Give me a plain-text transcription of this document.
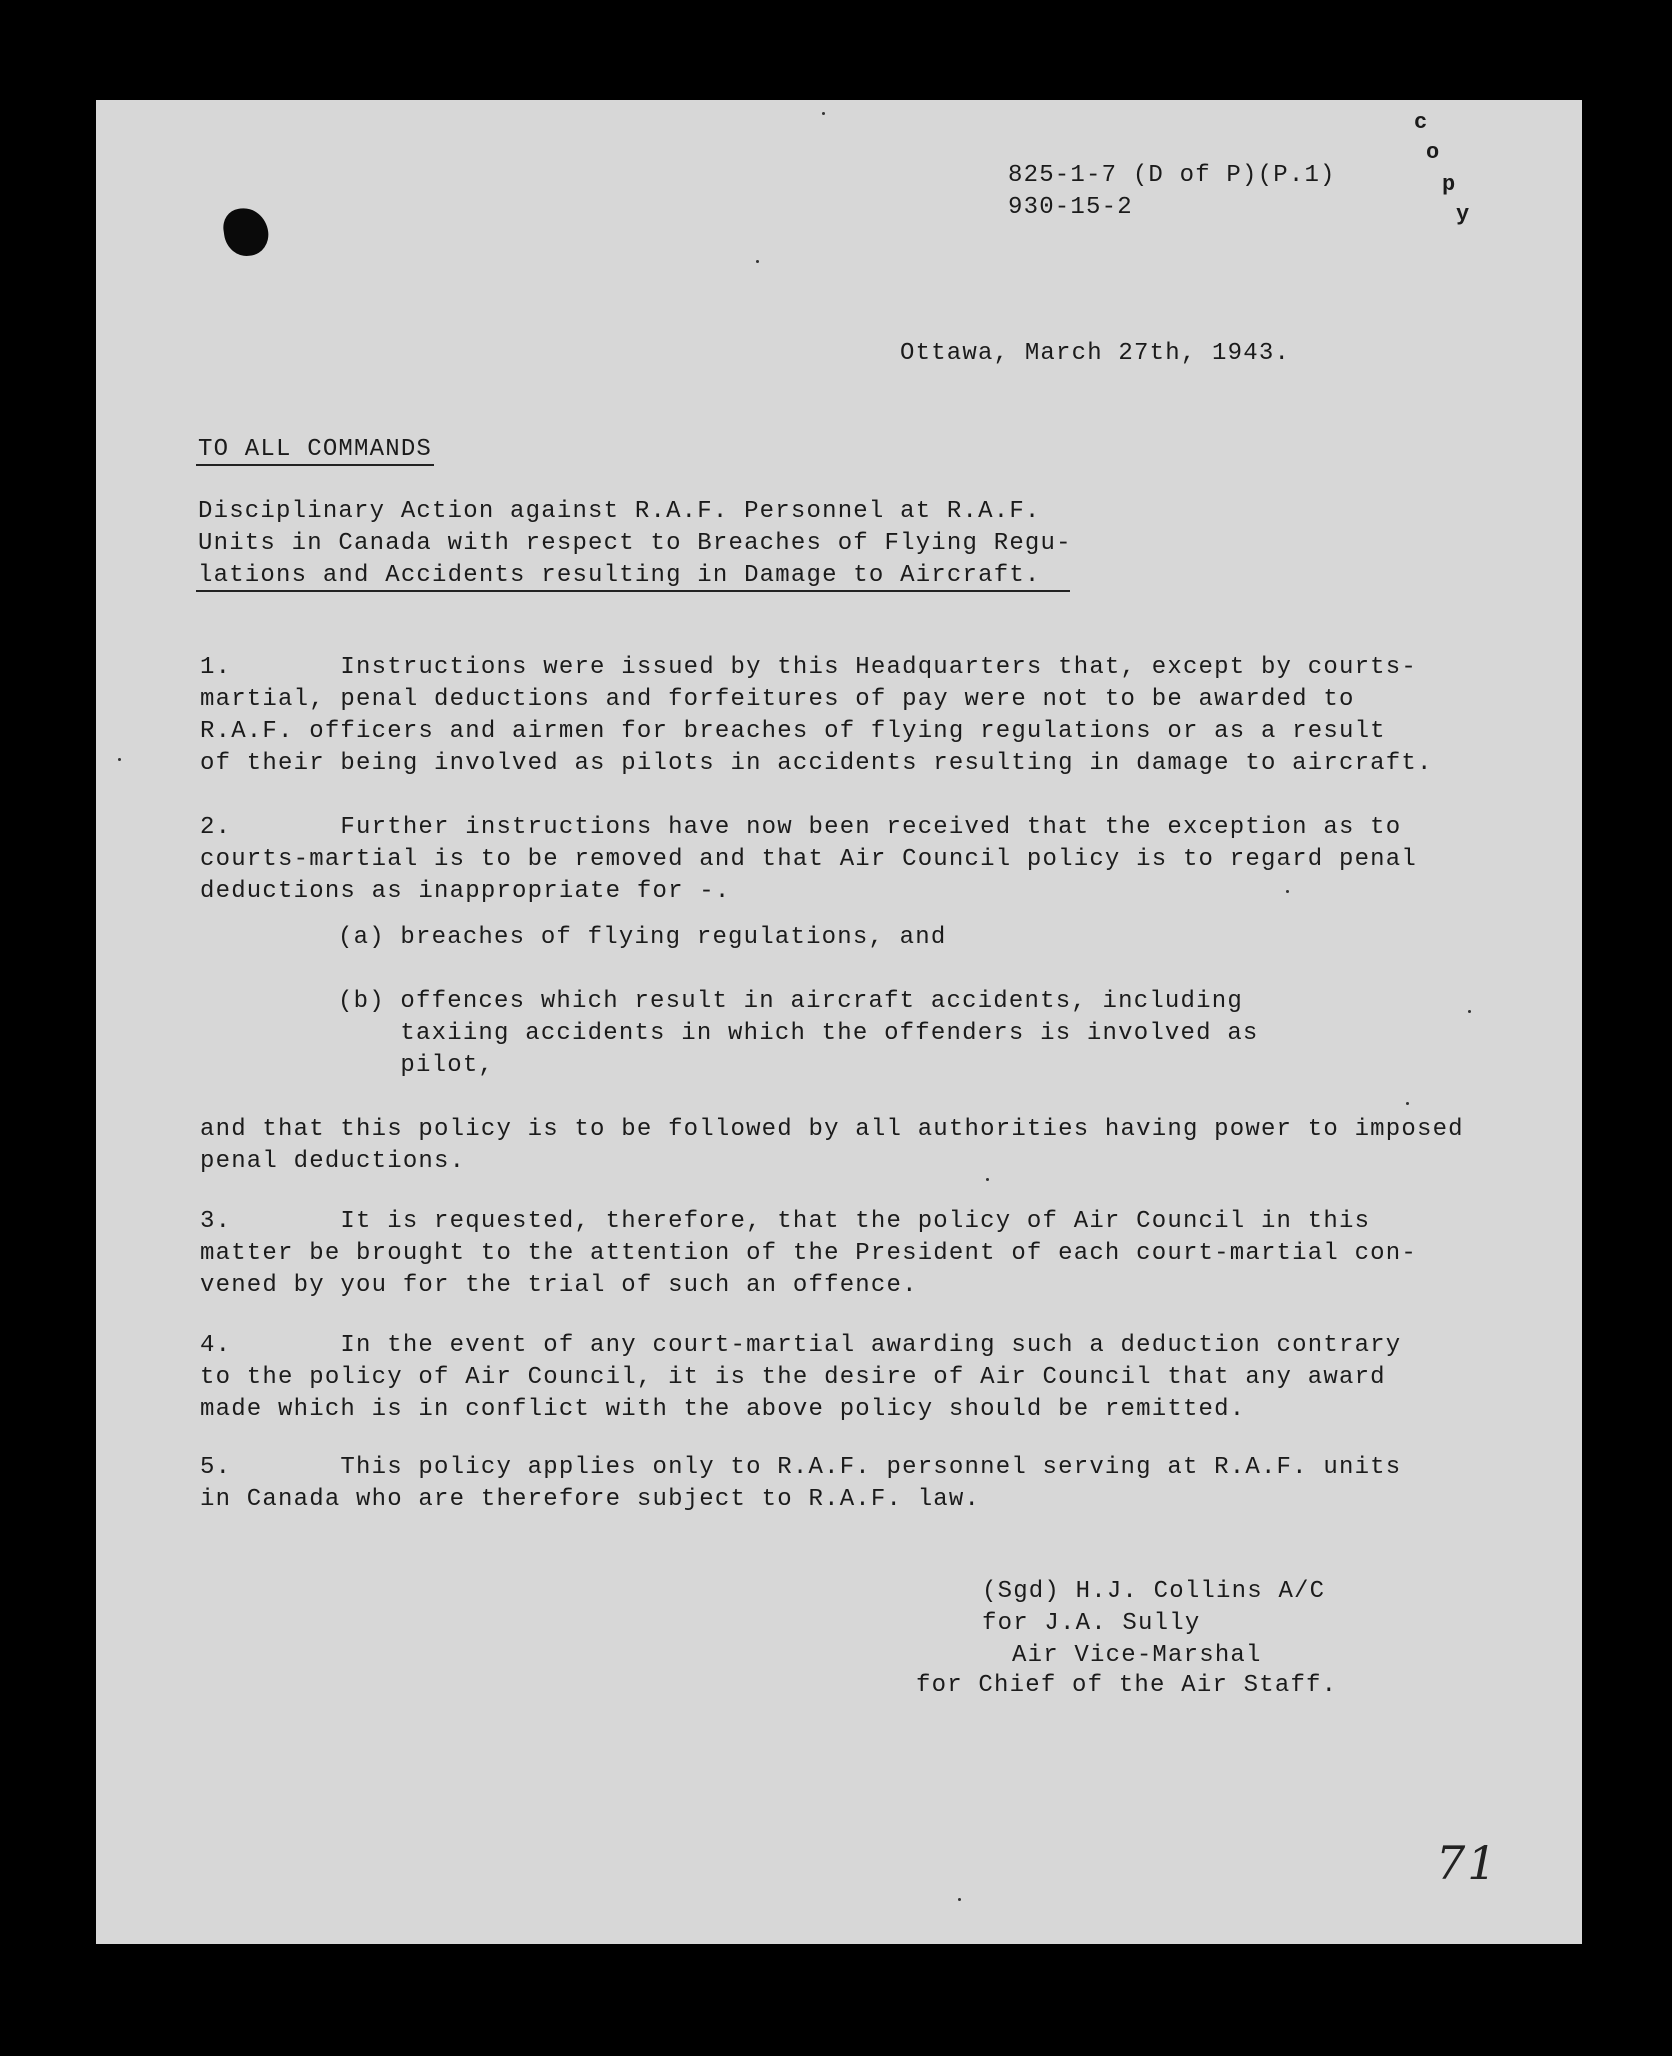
825-1-7 (D of P)(P.1)
930-15-2
c
o
p
y
Ottawa, March 27th, 1943.
TO ALL COMMANDS
Disciplinary Action against R.A.F. Personnel at R.A.F.
Units in Canada with respect to Breaches of Flying Regu-
lations and Accidents resulting in Damage to Aircraft.
1.       Instructions were issued by this Headquarters that, except by courts-
martial, penal deductions and forfeitures of pay were not to be awarded to
R.A.F. officers and airmen for breaches of flying regulations or as a result
of their being involved as pilots in accidents resulting in damage to aircraft.
2.       Further instructions have now been received that the exception as to
courts-martial is to be removed and that Air Council policy is to regard penal
deductions as inappropriate for -.
(a) breaches of flying regulations, and
(b) offences which result in aircraft accidents, including
taxiing accidents in which the offenders is involved as
pilot,
and that this policy is to be followed by all authorities having power to imposed
penal deductions.
3.       It is requested, therefore, that the policy of Air Council in this
matter be brought to the attention of the President of each court-martial con-
vened by you for the trial of such an offence.
4.       In the event of any court-martial awarding such a deduction contrary
to the policy of Air Council, it is the desire of Air Council that any award
made which is in conflict with the above policy should be remitted.
5.       This policy applies only to R.A.F. personnel serving at R.A.F. units
in Canada who are therefore subject to R.A.F. law.

(Sgd) H.J. Collins A/C

for J.A. Sully

Air Vice-Marshal

for Chief of the Air Staff.

71
